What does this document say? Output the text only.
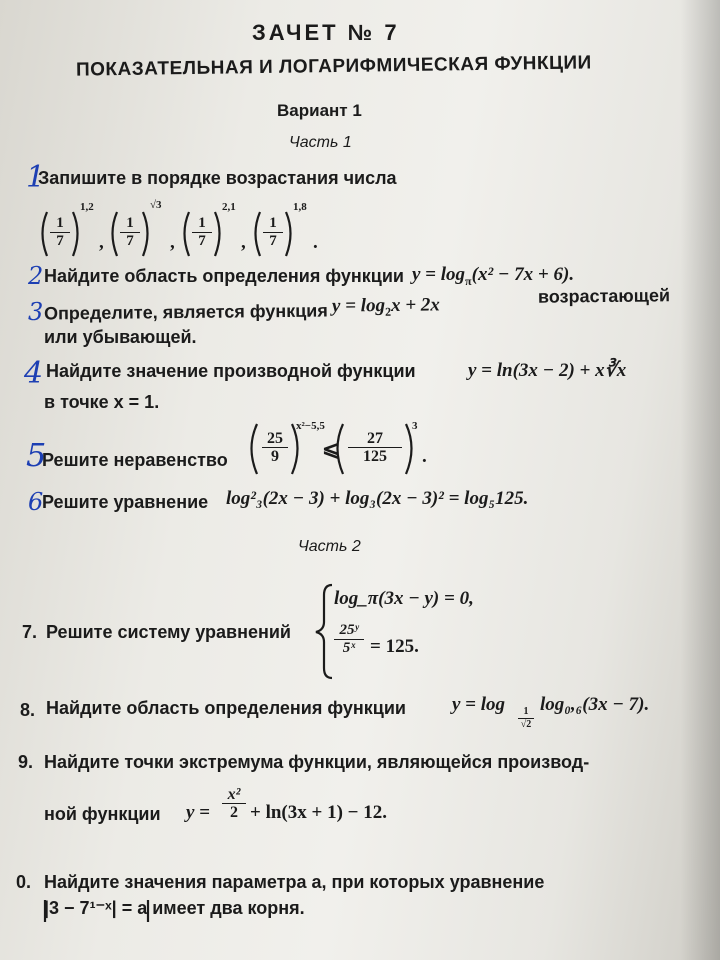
ЗАЧЕТ № 7
ПОКАЗАТЕЛЬНАЯ И ЛОГАРИФМИЧЕСКАЯ ФУНКЦИИ
Вариант 1
Часть 1
Запишите в порядке возрастания числа
$\frac{1}{7}$
1,2
, $\frac{1}{7}$
√3
, $\frac{1}{7}$
2,1
, $\frac{1}{7}$
1,8
.
Найдите область определения функции $y = \log_\pi(x^2 - 7x + 6)$.
Определите, является функция $y = \log_2x + 2x$	возрастающей
или убывающей.
Найдите значение производной функции	y = ln(3x − 2) + x∛x
в точке x = 1.
Решите неравенство $\frac{25}{9}$
x²−5,5
⩽ $\frac{27}{125}$
3
.
Решите уравнение log²₃(2x − 3) + log₃(2x − 3)² = log₅125.
Часть 2
7. Решите систему уравнений
log_π(3x − y) = 0,
$\frac{\text{25ʸ}}{\text{5ˣ}} = 125$.
8. Найдите область определения функции y = log
$\frac{1}{√2}$
log₀,₆(3x − 7).
9. Найдите точки экстремума функции, являющейся производ-
ной функции $y = \frac{\text{x²}}{2} + \ln(3x + 1) - 12$.
0. Найдите значения параметра a, при которых уравнение
|3 − 7¹⁻ˣ| = a имеет два корня.
1
2
3
4
5
6
